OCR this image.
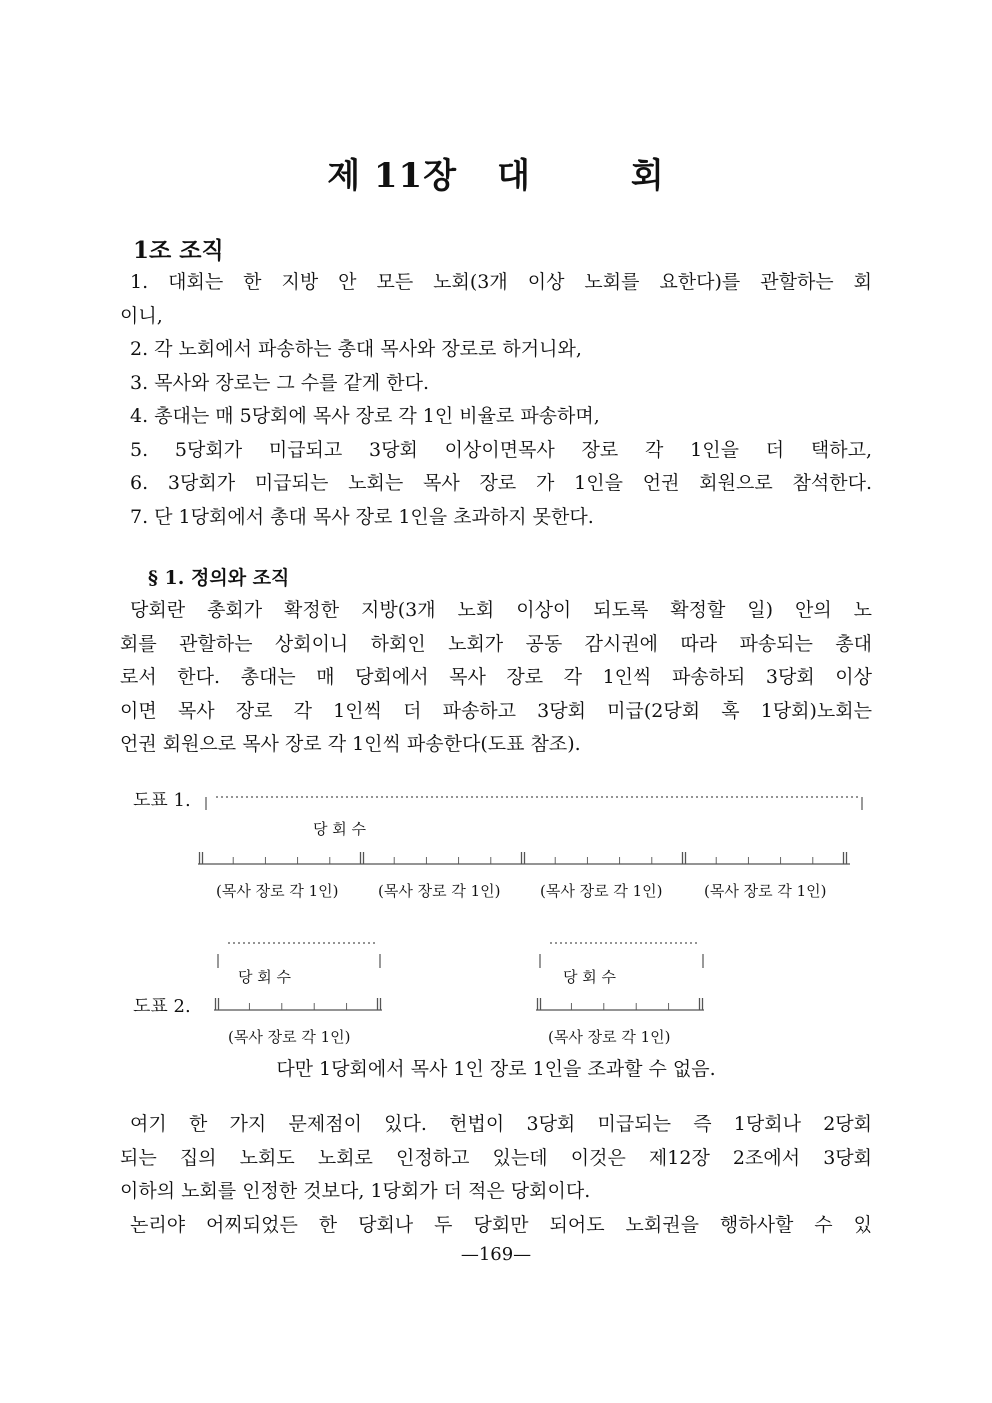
제 11장 대	회
1조 조직
1. 대회는 한 지방 안 모든 노회(3개 이상 노회를 요한다)를 관할하는 회
이니,
2. 각 노회에서 파송하는 총대 목사와 장로로 하거니와,
3. 목사와 장로는 그 수를 같게 한다.
4. 총대는 매 5당회에 목사 장로 각 1인 비율로 파송하며,
5. 5당회가 미급되고 3당회 이상이면목사 장로 각 1인을 더 택하고,
6. 3당회가 미급되는 노회는 목사 장로 가 1인을 언권 회원으로 참석한다.
7. 단 1당회에서 총대 목사 장로 1인을 초과하지 못한다.
§ 1. 정의와 조직
당회란 총회가 확정한 지방(3개 노회 이상이 되도록 확정할 일) 안의 노
회를 관할하는 상회이니 하회인 노회가 공동 감시권에 따라 파송되는 총대
로서 한다. 총대는 매 당회에서 목사 장로 각 1인씩 파송하되 3당회 이상
이면 목사 장로 각 1인씩 더 파송하고 3당회 미급(2당회 혹 1당회)노회는
언권 회원으로 목사 장로 각 1인씩 파송한다(도표 참조).
도표 1.
당 회 수
(목사 장로 각 1인)	(목사 장로 각 1인)	(목사 장로 각 1인)	(목사 장로 각 1인)
도표 2.
당 회 수	당 회 수
(목사 장로 각 1인)	(목사 장로 각 1인)
다만 1당회에서 목사 1인 장로 1인을 조과할 수 없음.
여기 한 가지 문제점이 있다. 헌법이 3당회 미급되는 즉 1당회나 2당회
되는 집의 노회도 노회로 인정하고 있는데 이것은 제12장 2조에서 3당회
이하의 노회를 인정한 것보다, 1당회가 더 적은 당회이다.
논리야 어찌되었든 한 당회나 두 당회만 되어도 노회권을 행하사할 수 있
—169—
